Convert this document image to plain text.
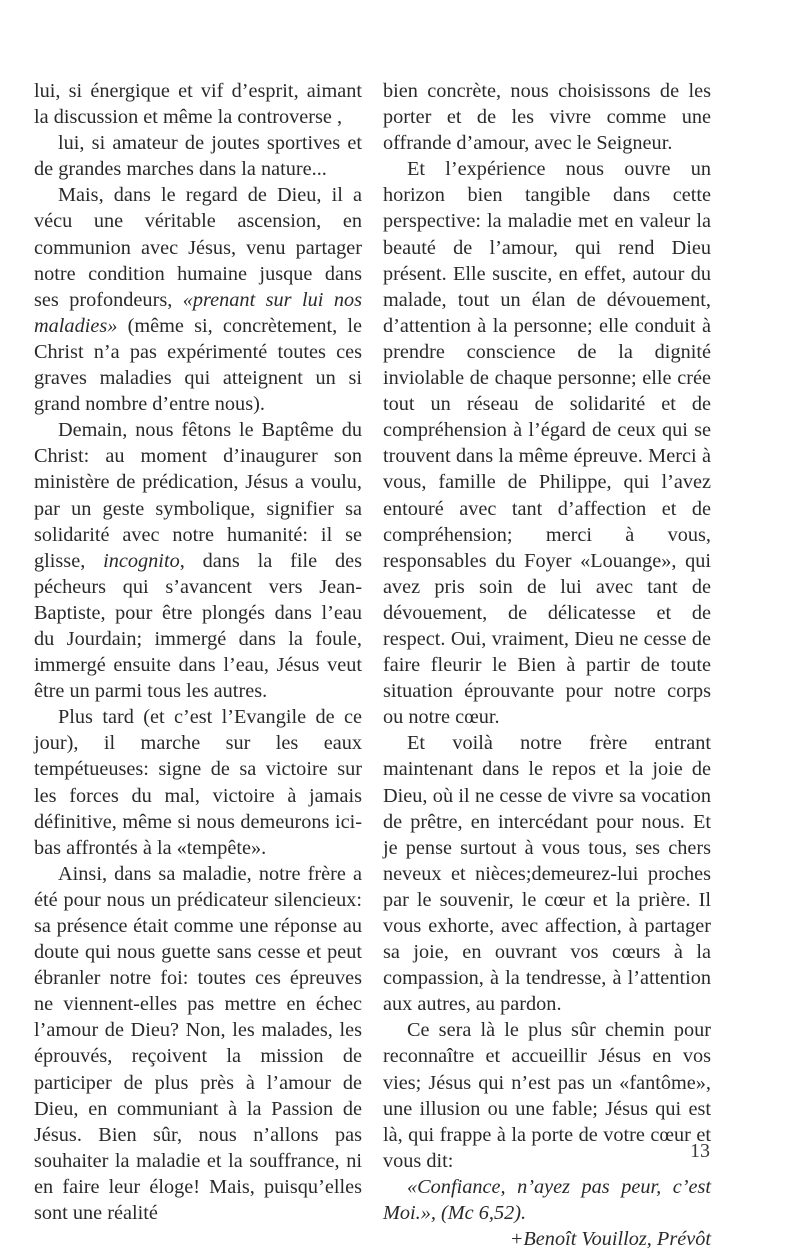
lui, si énergique et vif d’esprit, aimant la discussion et même la controverse ,

lui, si amateur de joutes sportives et de grandes marches dans la nature...

Mais, dans le regard de Dieu, il a vécu une véritable ascension, en communion avec Jésus, venu partager notre condition humaine jusque dans ses profondeurs, «prenant sur lui nos maladies» (même si, concrètement, le Christ n’a pas expérimenté toutes ces graves maladies qui atteignent un si grand nombre d’entre nous).

Demain, nous fêtons le Baptême du Christ: au moment d’inaugurer son ministère de prédication, Jésus a voulu, par un geste symbolique, signifier sa solidarité avec notre humanité: il se glisse, incognito, dans la file des pécheurs qui s’avancent vers Jean-Baptiste, pour être plongés dans l’eau du Jourdain; immergé dans la foule, immergé ensuite dans l’eau, Jésus veut être un parmi tous les autres.

Plus tard (et c’est l’Evangile de ce jour), il marche sur les eaux tempétueuses: signe de sa victoire sur les forces du mal, victoire à jamais définitive, même si nous demeurons ici-bas affrontés à la «tempête».

Ainsi, dans sa maladie, notre frère a été pour nous un prédicateur silencieux: sa présence était comme une réponse au doute qui nous guette sans cesse et peut ébranler notre foi: toutes ces épreuves ne viennent-elles pas mettre en échec l’amour de Dieu? Non, les malades, les éprouvés, reçoivent la mission de participer de plus près à l’amour de Dieu, en communiant à la Passion de Jésus. Bien sûr, nous n’allons pas souhaiter la maladie et la souffrance, ni en faire leur éloge! Mais, puisqu’elles sont une réalité

bien concrète, nous choisissons de les porter et de les vivre comme une offrande d’amour, avec le Seigneur.

Et l’expérience nous ouvre un horizon bien tangible dans cette perspective: la maladie met en valeur la beauté de l’amour, qui rend Dieu présent. Elle suscite, en effet, autour du malade, tout un élan de dévouement, d’attention à la personne; elle conduit à prendre conscience de la dignité inviolable de chaque personne; elle crée tout un réseau de solidarité et de compréhension à l’égard de ceux qui se trouvent dans la même épreuve. Merci à vous, famille de Philippe, qui l’avez entouré avec tant d’affection et de compréhension; merci à vous, responsables du Foyer «Louange», qui avez pris soin de lui avec tant de dévouement, de délicatesse et de respect. Oui, vraiment, Dieu ne cesse de faire fleurir le Bien à partir de toute situation éprouvante pour notre corps ou notre cœur.

Et voilà notre frère entrant maintenant dans le repos et la joie de Dieu, où il ne cesse de vivre sa vocation de prêtre, en intercédant pour nous. Et je pense surtout à vous tous, ses chers neveux et nièces;demeurez-lui proches par le souvenir, le cœur et la prière. Il vous exhorte, avec affection, à partager sa joie, en ouvrant vos cœurs à la compassion, à la tendresse, à l’attention aux autres, au pardon.

Ce sera là le plus sûr chemin pour reconnaître et accueillir Jésus en vos vies; Jésus qui n’est pas un «fantôme», une illusion ou une fable; Jésus qui est là, qui frappe à la porte de votre cœur et vous dit:

«Confiance, n’ayez pas peur, c’est Moi.», (Mc 6,52).

+Benoît Vouilloz, Prévôt

13
